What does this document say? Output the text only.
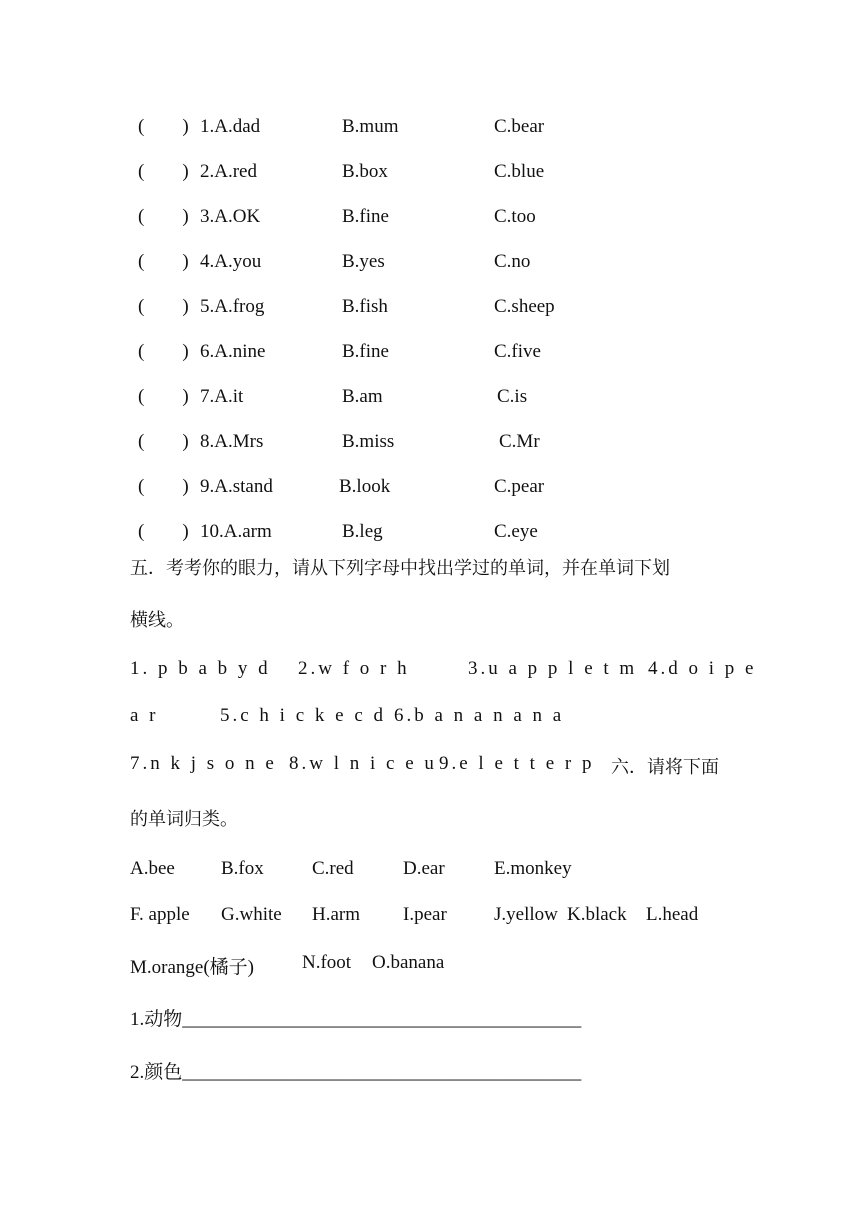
(　　) 1.A.dad	B.mum	C.bear
(　　) 2.A.red	B.box	C.blue
(　　) 3.A.OK	B.fine	C.too
(　　) 4.A.you	B.yes	C.no
(　　) 5.A.frog	B.fish	C.sheep
(　　) 6.A.nine	B.fine	C.five
(　　) 7.A.it	B.am	C.is
(　　) 8.A.Mrs	B.miss	C.Mr
(　　) 9.A.stand	B.look	C.pear
(　　) 10.A.arm	B.leg	C.eye
五．考考你的眼力，请从下列字母中找出学过的单词，并在单词下划
横线。
1. p b a b y d 2.w f o r h	3.u a p p l e t m 4.d o i p e
a r	5.c h i c k e c d 6.b a n a n a n a
7.n k j s o n e 8.w l n i c e u 9.e l e t t e r p 六．请将下面
的单词归类。
A.bee B.fox	C.red	D.ear	E.monkey
F. apple G.white H.arm I.pear J.yellow K.black L.head
M.orange(橘子)	N.foot O.banana
1.动物__________________________________________
2.颜色__________________________________________
